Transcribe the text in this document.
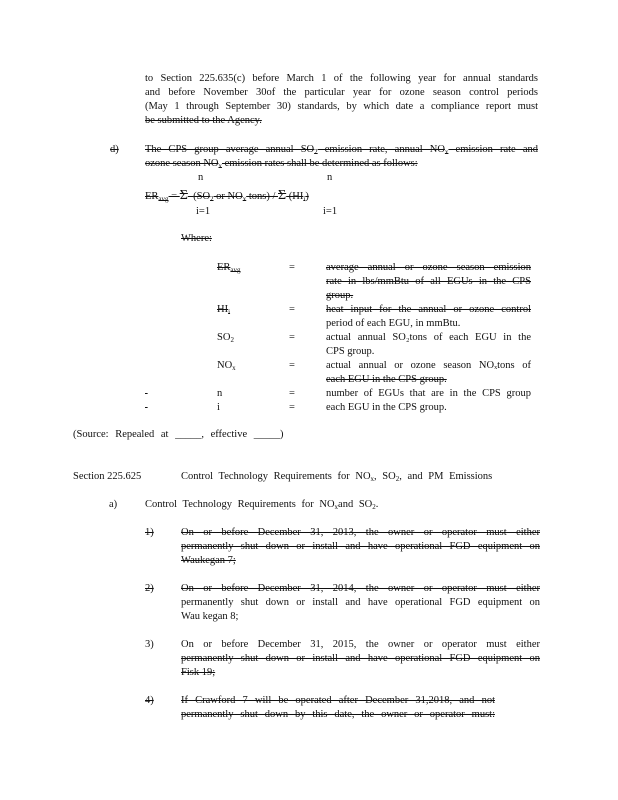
to Section 225.635(c) before March 1 of the following year for annual standards
and before November 30of the particular year for ozone season control periods
(May 1 through September 30) standards, by which date a compliance report must
be submitted to the Agency.
d)	The CPS group average annual $SO_2$ emission rate, annual $NO_x$ emission rate and
ozone season $NO_x$ emission rates shall be determined as follows:
n	n
$ER_{avg} = \Sigma$ ($SO_2$ or $NO_x$ tons) / Σ $(HI_i)$
i=1	i=1
Where:
$ER_{avg}$	=	average annual or ozone season emission
rate in lbs/mmBtu of all EGUs in the CPS
group.
$HI_i$	=	heat input for the annual or ozone control
period of each EGU, in mmBtu.
$SO_2$	=	actual annual SO₂tons of each EGU in the
CPS group.
$NO_x$	=	actual annual or ozone season NOₓtons of
each EGU in the CPS group.
n	=	number of EGUs that are in the CPS group

i	=	each EGU in the CPS group.

(Source: Repealed at _____, effective _____)
Section 225.625	Control Technology Requirements for $NO_x$, $SO_2$, and PM Emissions
a)	Control Technology Requirements for $NO_xand$ $SO_2$.
1)	On or before December 31, 2013, the owner or operator must either
permanently shut down or install and have operational FGD equipment on
Waukegan 7;
2)	On or before December 31, 2014, the owner or operator must either
permanently shut down or install and have operational FGD equipment on
Wau kegan 8;
3)	On or before December 31, 2015, the owner or operator must either
permanently shut down or install and have operational FGD equipment on
Fisk 19;
4)	If Crawford 7 will be operated after December 31,2018, and not
permanently shut down by this date, the owner or operator must:
